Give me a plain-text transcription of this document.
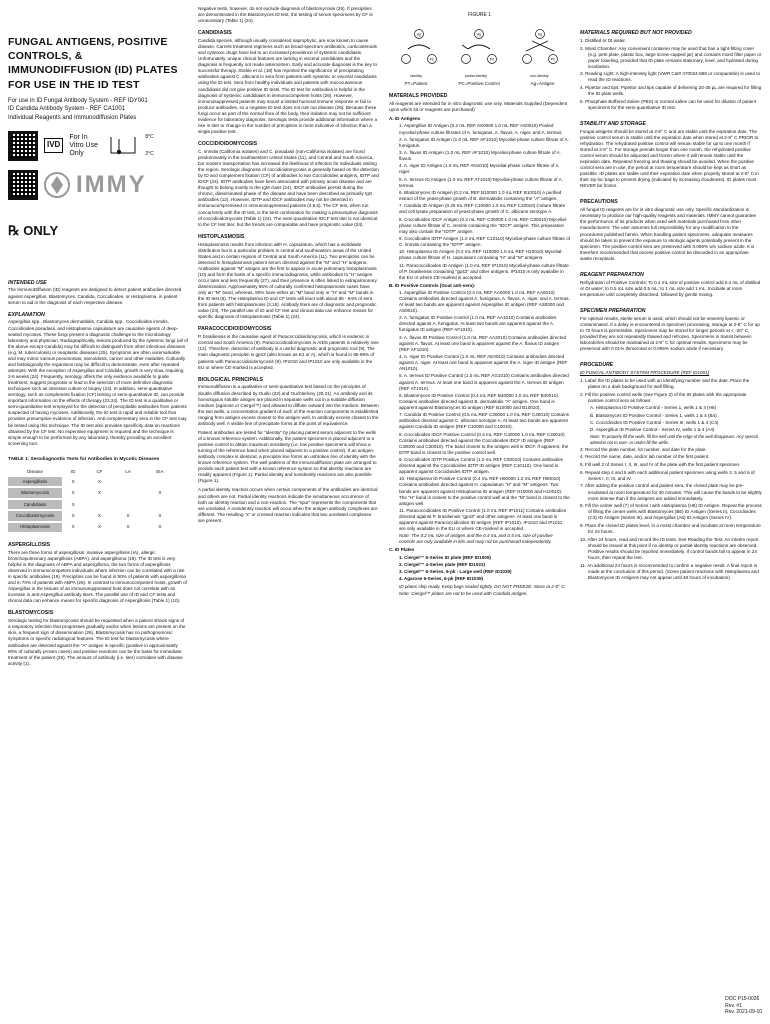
FUNGAL ANTIGENS, POSITIVE CONTROLS, & IMMUNODIFFUSION (ID) PLATES FOR USE IN THE ID TEST
For use in ID Fungal Antibody System - REF IDY001
ID Candida Antibody System - REF CA1001
Individual Reagents and Immunodiffusion Plates
IVD
For In Vitro Use Only
8°C
2°C
IMMY
℞ ONLY
INTENDED USE

The ImmunoDiffusion (ID) reagents are designed to detect patient antibodies directed against Aspergillus, Blastomyces, Candida, Coccidioides, or Histoplasma, in patient serum to aid in the diagnosis of each respective disease.

EXPLANATION

Aspergillus spp., Blastomyces dermatitidis, Candida spp., Coccidioides immitis, Coccidioides posadasii, and Histoplasma capsulatum are causative agents of deep-seated mycoses. These fungi present a diagnostic challenge to the microbiology laboratory and physician. Radiographically, lesions produced by the systemic fungi (all of the above except Candida) may be difficult to distinguish from other infectious diseases (e.g. M. tuberculosis) or neoplastic diseases (25). Symptoms are often unremarkable and may mimic various pneumonias, sarcoidosis, cancer and other maladies. Culturally and histologically the organisms may be difficult to demonstrate, even after repeated attempts. With the exception of Aspergillus and Candida, growth is very slow, requiring 2-6 weeks (24). Frequently, serology offers the only evidence available to guide treatment, suggest prognosis or lead to the selection of more definitive diagnostic techniques such as intensive culture or biopsy (23). In addition, semi-quantitative serology, such as complement fixation (CF) testing or semi-quantitative ID, can provide important information on the effects of therapy (23,24). The ID test is a qualitative or semi-quantitative test employed for the detection of precipitable antibodies from patients suspected of having mycoses. Additionally, the ID test is rapid and reliable tool that provides presumptive evidence of infection. Anti-complementary sera in the CF test may be tested using this technique. The ID test also provides specificity data on reactions obtained by the CF test. No expensive equipment is required and the technique is simple enough to be performed by any laboratory, thereby providing an excellent screening tool.

TABLE 1: Serodiagnostic Tests for Antibodies in Mycotic Diseases
Disease	ID	CF	LA	EIA
Aspergillosis	X	X		
Blastomycosis	X	X		X
Candidiasis	X			
Coccidioidomycosis	X	X	X	X
Histoplasmosis	X	X	X	X
ASPERGILLOSIS

There are three forms of aspergillosis: invasive aspergillosis (IA), allergic bronchopulmonary aspergillosis (ABPA), and aspergilloma (19). The ID test is very helpful in the diagnosis of ABPA and aspergilloma, the two forms of aspergillosis observed in immunocompetent individuals where infection can be correlated with a rise in specific antibodies (19). Precipitins can be found in 90% of patients with aspergilloma and in 70% of patients with ABPA (26). In contrast to immunocompetent hosts, growth of Aspergillus in the tissues of an immunosuppressed host does not correlate with an increase in anti-Aspergillus antibody titers. The parallel use of ID and CF tests and clinical data can enhance means for specific diagnosis of Aspergillosis (Table 1) (10).

BLASTOMYCOSIS

Serologic testing for blastomycosis should be requested when a patient shows signs of a respiratory infection that progresses gradually and/or when lesions are present on the skin, a frequent sign of dissemination (26). Blastomycosis has no pathognomonic symptoms or specific radiological features. The ID test for blastomycosis where antibodies are detected against the "A" antigen is specific (positive in approximately 80% of culturally proven cases) and positive reactions can be the basis for immediate treatment of the patient (26). The amount of antibody (i.e. titer) correlates with disease activity (1).

Negative tests, however, do not exclude diagnosis of blastomycosis (26). If precipitins are demonstrated in the Blastomyces ID test, the testing of serum specimens by CF is unnecessary (Table 1) (24).

CANDIDIASIS

Candida species, although usually considered saprophytic, are now known to cause disease. Current treatment regimens such as broad-spectrum antibiotics, corticosteroids and cytotoxic drugs have led to an increased prevalence of systemic candidiasis. Unfortunately, unique clinical features are lacking in visceral candidiasis and the diagnosis is frequently not made antemortem. Early and accurate diagnosis is the key to successful therapy. Stickle et al. (18) has reported the significance of precipitating antibodies against C. albicans in sera from patients with systemic or visceral candidiasis using the ID test. Sera from healthy individuals and patients with mucocutaneous candidiasis did not give positive ID tests. The ID test for antibodies is helpful in the diagnosis of systemic candidiasis in immunocompetent hosts (26). However, immunosuppressed patients may mount a limited humoral immune response or fail to produce antibodies, so a negative ID test does not rule out disease (26). Because these fungi occur as part of the normal flora of the body, their isolation may not be sufficient evidence for laboratory diagnosis. Serologic tests provide additional information where a rise in titer or change in the number of precipitins is more indicative of infection than a single positive test.

COCCIDIOIDOMYCOSIS

C. immitis (California isolates) and C. posadasii (non-California isolates) are found predominately in the southwestern United States (11), and Central and South America, but modern transportation has increased the likelihood of infection for individuals visiting the region. Serologic diagnosis of coccidioidomycosis is generally based on the detection by ID and complement fixation (CF) of antibodies to two Coccidioides antigens, IDTP and IDCF (24). IDTP antibodies have been associated with primary acute disease and are thought to belong mostly to the IgM class (24). IDCF antibodies persist during the chronic, disseminated phase of the disease and have been described as primarily IgG antibodies (12). However, IDTP and IDCF antibodies may not be detected in immunocompromised or immunosuppressed patients (4,5,6). The CF test, when run concurrently with the ID test, is the best combination for making a presumptive diagnosis of coccidioidomycosis (Table 1) (24). The semi-quantitative IDCF test titer is not identical to the CF test titer, but the trends are comparable and have prognostic value (24).

HISTOPLASMOSIS

Histoplasmosis results from infection with H. capsulatum, which has a worldwide distribution but is a particular problem in central and southeastern areas of the United States and in certain regions of Central and South America (11). Two precipitins can be detected in histoplasmosis patient serum directed against the "M" and "H" antigens. Antibodies against "M" antigen are the first to appear in acute pulmonary histoplasmosis (10) and form the basis of a specific immunodiagnosis, while antibodies to "H" antigen occur later and less frequently (27), and their presence is often linked to extrapulmonary dissemination. Approximately 65% of culturally confirmed histoplasmosis cases have only an "M" band, whereas, 90% have either an "M" band only or "H" and "M" bands in the ID test (6). The Histoplasma ID and CF tests will react with about 85 - 94% of sera from patients with histoplasmosis (3,16). Antibody titers are of diagnostic and prognostic value (24). The parallel use of ID and CF test and clinical data can enhance means for specific diagnosis of histoplasmosis (Table 1) (24).

PARACOCCIDIOIDOMYCOSIS

P. brasiliensis is the causative agent of Paracoccidioidomycosis, which is endemic in Central and South America (9). Paracoccidioidomycosis in AIDS patients is relatively rare (12). Therefore, detection of antibody is a useful diagnostic and prognostic tool (9). The main diagnostic precipitin is gp43 (also known as E2 or A), which is found in 95-98% of patients with Paracoccidioidomycosis (9). IP1010 and IP1010 are only available in the EU or where CE-marked is accepted.

BIOLOGICAL PRINCIPALS

Immunodiffusion is a qualitative or semi-quantitative test based on the principles of double diffusion described by Oudin (22) and Ouchterlony (20,21). An antibody and its homologous soluble antigen are placed in separate wells cut in a suitable diffusion medium (agarose or Ciergel™) and allowed to diffuse outward into the medium. Between the two wells, a concentration gradient of each of the reaction components is established ranging from antigen excess closest to the antigen well, to antibody excess closest to the antibody well. A visible line of precipitate forms at the point of equivalence.

Patient antibodies are tested for "identity" by placing patient serum adjacent to the wells of a known reference system. Additionally, the patient specimen is placed adjacent to a positive control to obtain maximum sensitivity (i.e. low positive specimens will show a turning of the reference band when placed adjacent to a positive control). If an antigen-antibody complex is identical, a precipitin line forms an unbroken line of identity with the known reference system. The well patterns of the immunodiffusion plate are arranged to provide each patient test with a known reference system so that identity reactions are readily apparent (Figure 1). Partial identity and nonidentity reactions are also possible (Figure 1).

A partial identity reaction occurs when certain components of the antibodies are identical and others are not. Partial identity reactions indicate the simultaneous occurrence of both an identity reaction and a non-reaction. The "spur" represents the components that are unrelated. A nonidentity reaction will occur when the antigen antibody complexes are different. The resulting "x" or crossed reaction indicates that two unrelated complexes are present.

FIGURE 1
Ag
PC
Ag
PC
Ag
PC
identity	partial identity	non-identity
PT=Patient	PC=Positive Control	Ag=Antigen
MATERIALS PROVIDED

All reagents are intended for in vitro diagnostic use only. Materials Supplied (Dependent upon which kit or reagents are purchased)

A. ID Antigens
1. Aspergillus ID Antigen (0.2 mL REF AS0000 1.0 mL REF AS0010) Pooled mycelial-phase culture filtrates of A. fumigatus, A. flavus, A. niger, and A. terreus.
2. A. fumigatus ID Antigen (1.0 mL REF AF1010) Mycelial-phase culture filtrate of A. fumigatus.
3. A. flavus ID Antigen (1.0 mL REF AF1010) Mycelial-phase culture filtrate of A. flavus.
4. A. niger ID Antigen (1.0 mL REF AN1010) Mycelial-phase culture filtrate of A. niger.
5. A. terreus ID Antigen (1.0 mL REF AT1010) Mycelial-phase culture filtrate of A. terreus.
6. Blastomyces ID Antigen (0.2 mL REF B10000 1.0 mL REF B10010) A purified extract of the yeast-phase growth of B. dermatitidis containing the "A" antigen.
7. Candida ID Antigen (0.25 mL REF C10000 1.0 mL REF C10010) Culture filtrate and cell lysate preparation of yeast-phase growth of C. albicans serotype A.
8. Coccidioides IDCF Antigen (0.2 mL REF C30000 1.0 mL REF C30010) Mycelial-phase culture filtrate of C. immitis containing the "IDCF" antigen. This preparation may also contain the "IDTP" antigen.
9. Coccidioides IDTP Antigen (1.0 mL REF C10110) Mycelial-phase culture filtrate of C. immitis containing the "IDTP" antigen.
10. Histoplasma ID Antigen (0.2 mL REF H10000 1.0 mL REF H10010) Mycelial-phase culture filtrate of H. capsulatum containing "H" and "M" antigens.
11. Paracoccidioides ID Antigen (1.0 mL REF IP1010) Mycelial-phase culture filtrate of P. brasiliensis containing "gp43" and other antigens. IP1010 is only available in the EU or where CE-marked is accepted.
B. ID Positive Controls (Goat anti-sera):
1. Aspergillus ID Positive Control (0.4 mL REF AA0000 1.0 mL REF AA0010) Contains antibodies directed against A. fumigatus, A. flavus, A. niger, and A. terreus. At least two bands are apparent against Aspergillus ID antigen (REF AS0000 and AS0010).
2. A. fumigatus ID Positive Control (1.0 mL REF AA1010) Contains antibodies directed against A. fumigatus. At least two bands are apparent against the A. fumigatus ID antigen (REF AF1010).
3. A. flavus ID Positive Control (1.0 mL REF AA2010) Contains antibodies directed against A. flavus. At least one band is apparent against the A. flavus ID antigen (REF AF1010).
4. A. niger ID Positive Control (1.0 mL REF AE3010) Contains antibodies directed against A. niger. At least one band is apparent against the A. niger ID antigen (REF AN1010).
5. A. terreus ID Positive Control (1.0 mL REF AG1010) Contains antibodies directed against A. terreus. At least one band is apparent against the A. terreus ID antigen (REF AT1010).
6. Blastomyces ID Positive Control (0.4 mL REF B40000 1.0 mL REF B40010) Contains antibodies directed against B. dermatitidis "A" antigen. One band is apparent against Blastomyces ID antigen (REF B10000 and B10010).
7. Candida ID Positive Control (0.5 mL REF C30000 1.0 mL REF C40010) Contains antibodies directed against C. albicans serotype A. At least two bands are apparent against Candida ID antigen (REF C10000 and C10010).
8. Coccidioides IDCF Positive Control (0.4 mL REF C40000 1.0 mL REF C40010) Contains antibodies directed against the Coccidioides IDCF ID antigen (REF C30000 and C30010). The band closest to the antigen well is IDCF. If apparent, the IDTP band is closest to the positive control well.
9. Coccidioides IDTP Positive Control (1.0 mL REF C50010) Contains antibodies directed against the Coccidioides IDTP ID antigen (REF C10110). One band is apparent against Coccidioides IDTP antigen.
10. Histoplasma ID Positive Control (0.4 mL REF H60000 1.0 mL REF H60010) Contains antibodies directed against H. capsulatum "H" and "M" antigens. Two bands are apparent against Histoplasma ID antigen (REF H10000 and H10010). The "H" band is closest to the positive control well and the "M" band is closest to the antigen well.
11. Paracoccidioides ID Positive Control (1.0 mL REF IP1011) Contains antibodies directed against P. brasiliensis "gp43" and other antigens. At least one band is apparent against Paracoccidioides ID antigen (REF IP1010). IP1010 and IP1011 are only available in the EU or where CE-marked is accepted.
Note: The 0.2 mL size of antigen and the 0.4 mL and 0.5 mL size of positive controls are only available in kits and may not be purchased independently.
C. ID Plates
1. Ciergel™ 6-Series ID plate (REF ID1009)
2. Ciergel™ 4-Series plate (REF ID1022)
3. Ciergel™ 6-Series, 6-pk - Large well (REF ID1029)
4. Agarose 6-Series, 6-pk (REF ID1039)
ID plates ship ready. Keep bags sealed tightly. DO NOT FREEZE. Store at 2-8° C.
Note: Ciergel™ plates are not to be used with Candida antigen.
MATERIALS REQUIRED BUT NOT PROVIDED
1. Distilled or DI water.
2. Moist Chamber: Any convenient container may be used that has a tight-fitting cover (e.g. petri plate, plastic box, large screw-capped jar) and contains moist filter paper or paper toweling, provided that ID plate remains stationary, level, and hydrated during incubation.
3. Reading Light: A high-intensity light (VWR Cat# 470024-598 or comparable) is used to read the ID reactions.
4. Pipettor and tips: Pipettor and tips capable of delivering 20-35 µL are required for filling the ID plate wells.
5. Phosphate Buffered Saline (PBS) or normal saline can be used for dilution of patient specimens for the semi-quantitative ID test.
STABILITY AND STORAGE

Fungal antigens should be stored at 2-8° C and are stable until the expiration date. The positive control serum is stable until the expiration date when stored at 2-8° C PRIOR to rehydration. The rehydrated positive control will remain stable for up to one month if stored at 2-8° C. For storage periods longer than one month, the rehydrated positive control serum should be aliquoted and frozen where it will remain stable until the expiration date. Repeated freezing and thawing should be avoided. When the positive control sera are in use, the period at room temperature should be kept as short as possible. ID plates are stable until their expiration date when properly stored at 2-8° C in their zip-loc bags to prevent drying (indicated by increasing cloudiness). ID plates must NEVER be frozen.

PRECAUTIONS

All fungal ID reagents are for in vitro diagnostic use only. Specific standardization is necessary to produce our high-quality reagents and materials. IMMY cannot guarantee the performance of its products when used with materials purchased from other manufacturers. The user assumes full responsibility for any modification to the procedures published herein. When handling patient specimens, adequate measures should be taken to prevent the exposure to etiologic agents potentially present in the specimen. The positive control sera are preserved with 0.095% w/v sodium azide. It is therefore recommended that excess positive control be discarded in an appropriate waste receptacle.

REAGENT PREPARATION

Rehydration of Positive Controls: To 0.4 mL size of positive control add 0.4 mL of distilled or DI water; to 0.5 mL size add 0.5 mL; to 1 mL size add 1 mL. Incubate at room temperature until completely dissolved, followed by gentle mixing.

SPECIMEN PREPARATION

For optimal results, sterile serum is used, which should not be severely lipemic or contaminated. If a delay is encountered in specimen processing, storage at 2-8° C for up to 72 hours is permissible. Specimens may be stored for longer periods at < -20° C, provided they are not repeatedly thawed and refrozen. Specimens in transit between laboratories should be maintained at 2-8° C for optimal results. Specimens may be preserved with 0.01% thimerosal or 0.095% sodium azide if necessary.

PROCEDURE
ID FUNGAL ANTIBODY SYSTEM PROCEDURE (REF ID1001)
1. Label the ID plates to be used with an identifying number and the date. Place the plates on a dark background for well filling.
2. Fill the positive control wells (See Figure 2) of the ID plates with the appropriate positive control sera as follows:
A. Histoplasma ID Positive Control - Series 1, wells 1 & 4 (H6)
B. Blastomyces ID Positive Control - Series 1, wells 1 & 4 (B4)
C. Coccidioides ID Positive Control - Series III, wells 1 & 4 (C4)
D. Aspergillus ID Positive Control - Series IV, wells 1 & 4 (A4)
Note: To properly fill the wells, fill the well until the edge of the well disappears. Any special attention not to over- or under-fill the wells.
3. Record the plate number, lot number, and date for the plate.
4. Record the name, date, and/or lab number of the first patient.
5. Fill well 2 of Series I, II, III, and IV of the plate with the first patient specimen.
6. Repeat step 4 and 5 with each additional patient specimen using wells 3, 5 and 6 of Series I, II, III, and IV.
7. After adding the positive control and patient sera, the closed plate may be pre-incubated at room temperature for 30 minutes. This will cause the bands to be slightly more intense than if the antigens are added immediately.
8. Fill the center well (7) of Series I with Histoplasma (H6) ID Antigen. Repeat the process of filling the center wells with Blastomyces (B6) ID Antigen (Series II), Coccidioides (C3) ID Antigen (Series III), and Aspergillus (A6) ID Antigen (Series IV).
9. Place the closed ID plates level, in a moist chamber and incubate at room temperature for 24 hours.
10. After 24 hours, read and record the ID tests. See Reading the Test. An interim report should be issued at this point if no identity or partial-identity reactions are observed. Positive results should be reported immediately. If control bands fail to appear in 24 hours, then repeat the test.
11. An additional 24 hours is recommended to confirm a negative result. A final report is made at the conclusion of this period. (Some patient reactions with Histoplasma and Blastomyces ID Antigens may not appear until 48 hours of incubation).
DOC P15-0026
Rev. #1
Rev. 2021-09-10
